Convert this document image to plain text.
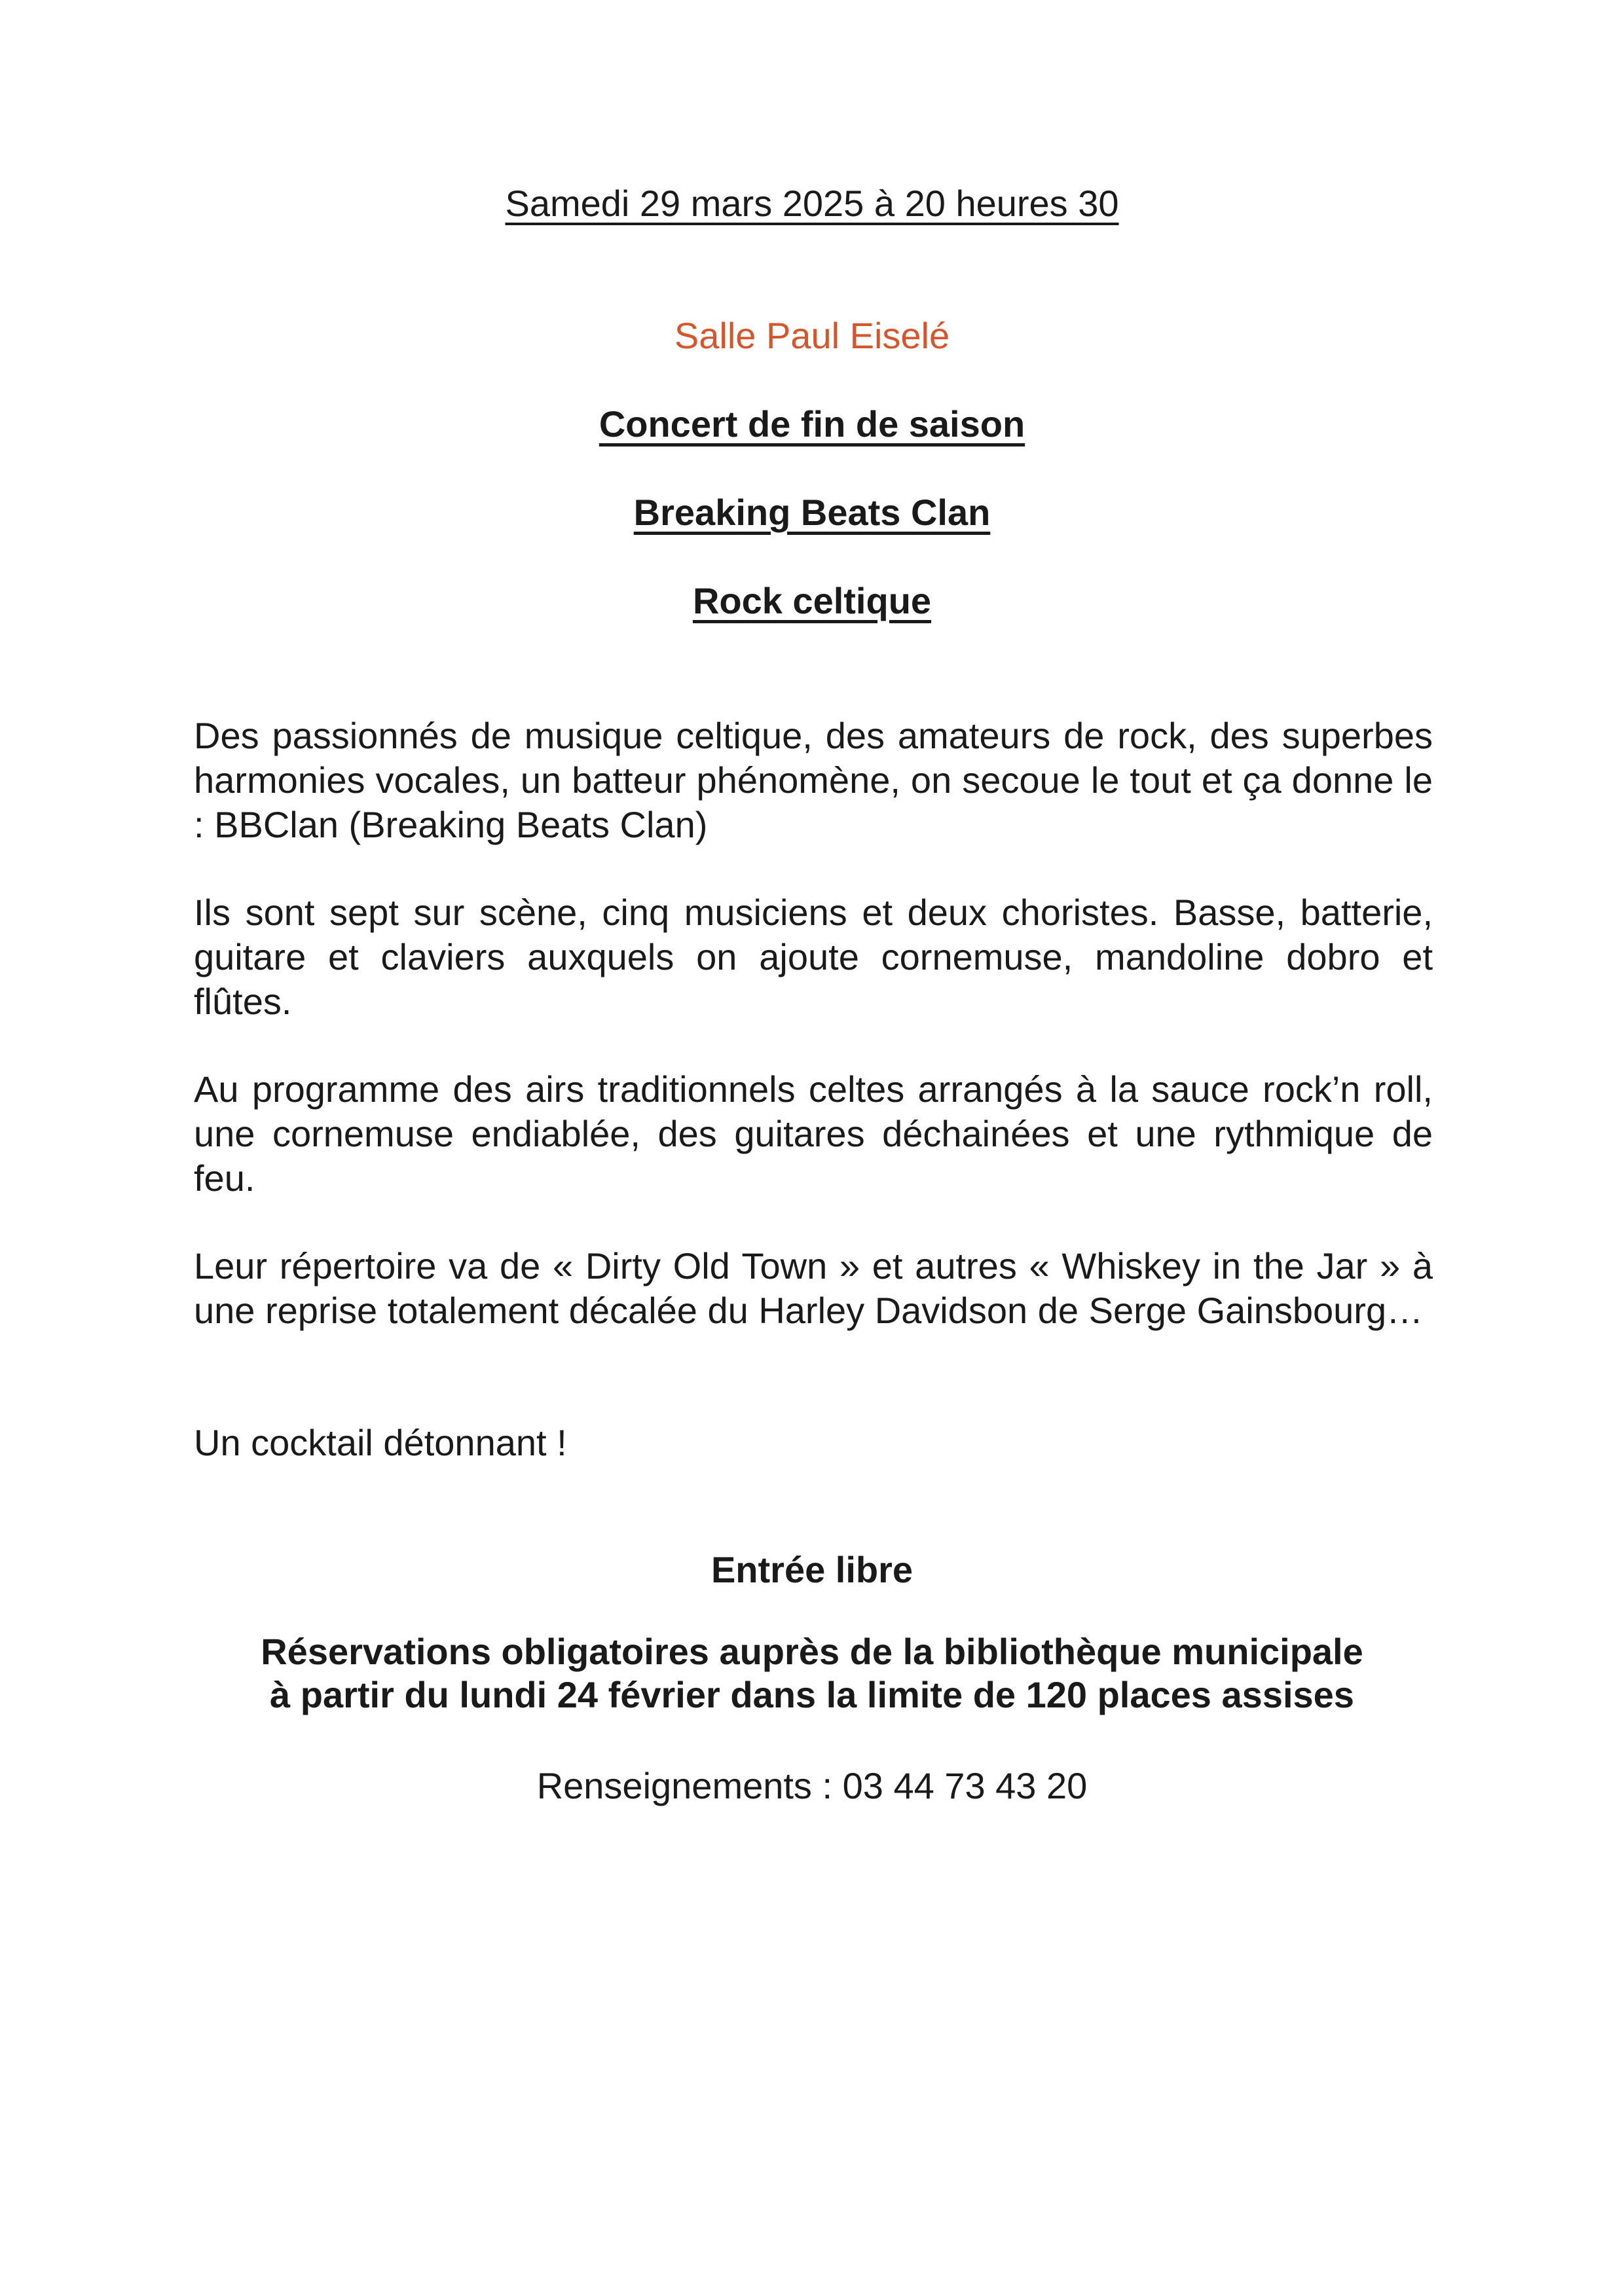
Samedi 29 mars 2025 à 20 heures 30
Salle Paul Eiselé
Concert de fin de saison
Breaking Beats Clan
Rock celtique

Des passionnés de musique celtique, des amateurs de rock, des superbes harmonies vocales, un batteur phénomène, on secoue le tout et ça donne le : BBClan (Breaking Beats Clan)

Ils sont sept sur scène, cinq musiciens et deux choristes. Basse, batterie, guitare et claviers auxquels on ajoute cornemuse, mandoline dobro et flûtes.

Au programme des airs traditionnels celtes arrangés à la sauce rock’n roll, une cornemuse endiablée, des guitares déchainées et une rythmique de feu.

Leur répertoire va de « Dirty Old Town » et autres « Whiskey in the Jar » à une reprise totalement décalée du Harley Davidson de Serge Gainsbourg…

Un cocktail détonnant !

Entrée libre
Réservations obligatoires auprès de la bibliothèque municipale
à partir du lundi 24 février dans la limite de 120 places assises
Renseignements : 03 44 73 43 20
